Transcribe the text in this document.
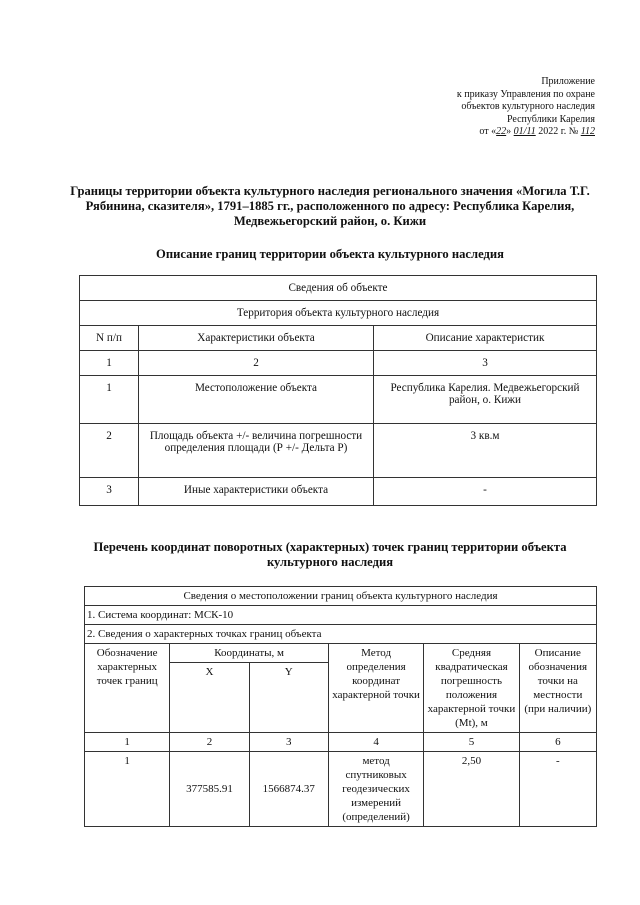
Приложение
к приказу Управления по охране
объектов культурного наследия
Республики Карелия
от «22» 01/11 2022 г. № 112
Границы территории объекта культурного наследия регионального значения «Могила Т.Г. Рябинина, сказителя», 1791–1885 гг., расположенного по адресу: Республика Карелия, Медвежьегорский район, о. Кижи
Описание границ территории объекта культурного наследия
Сведения об объекте		
Территория объекта культурного наследия		
N п/п	Характеристики объекта	Описание характеристик
1	2	3
1	Местоположение объекта	Республика Карелия. Медвежьегорский район, о. Кижи
2	Площадь объекта +/- величина погрешности определения площади (Р +/- Дельта Р)	3 кв.м
3	Иные характеристики объекта	-
Перечень координат поворотных (характерных) точек границ территории объекта культурного наследия
Сведения о местоположении границ объекта культурного наследия					
1. Система координат: МСК-10					
2. Сведения о характерных точках границ объекта					
Обозначение характерных точек границ	Координаты, м		Метод определения координат характерной точки	Средняя квадратическая погрешность положения характерной точки (Мt), м	Описание обозначения точки на местности (при наличии)
	X	Y			
1	2	3	4	5	6
1	377585.91	1566874.37	метод спутниковых геодезических измерений (определений)	2,50	-
